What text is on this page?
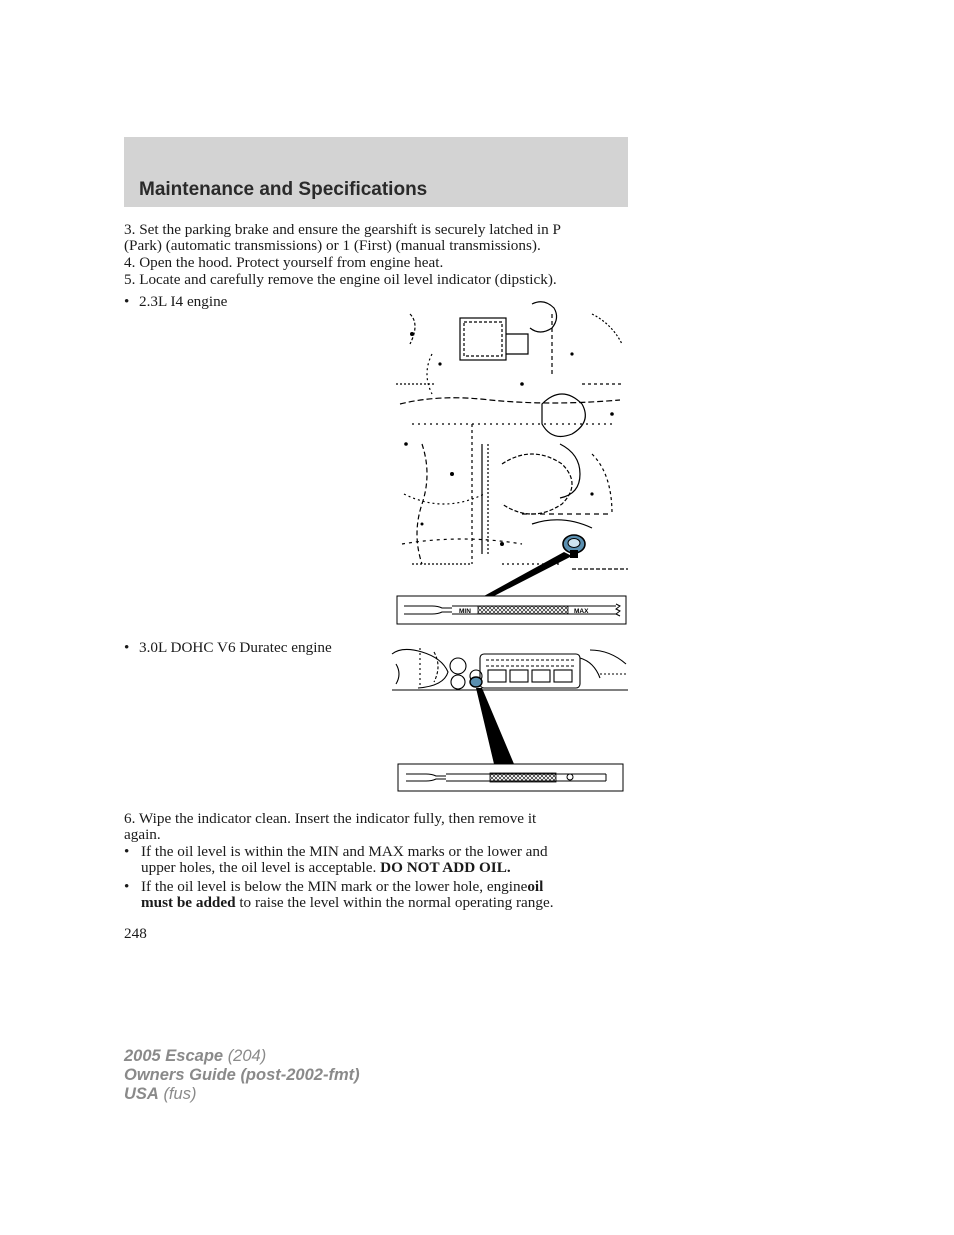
Maintenance and Specifications
3. Set the parking brake and ensure the gearshift is securely latched in P
(Park) (automatic transmissions) or 1 (First) (manual transmissions).
4. Open the hood. Protect yourself from engine heat.
5. Locate and carefully remove the engine oil level indicator (dipstick).
• 2.3L I4 engine
MIN	MAX
• 3.0L DOHC V6 Duratec engine
6. Wipe the indicator clean. Insert the indicator fully, then remove it
again.
• If the oil level is within the MIN and MAX marks or the lower and
upper holes, the oil level is acceptable. DO NOT ADD OIL.
• If the oil level is below the MIN mark or the lower hole, engineoil
must be added to raise the level within the normal operating range.
248
2005 Escape (204)
Owners Guide (post-2002-fmt)
USA (fus)
